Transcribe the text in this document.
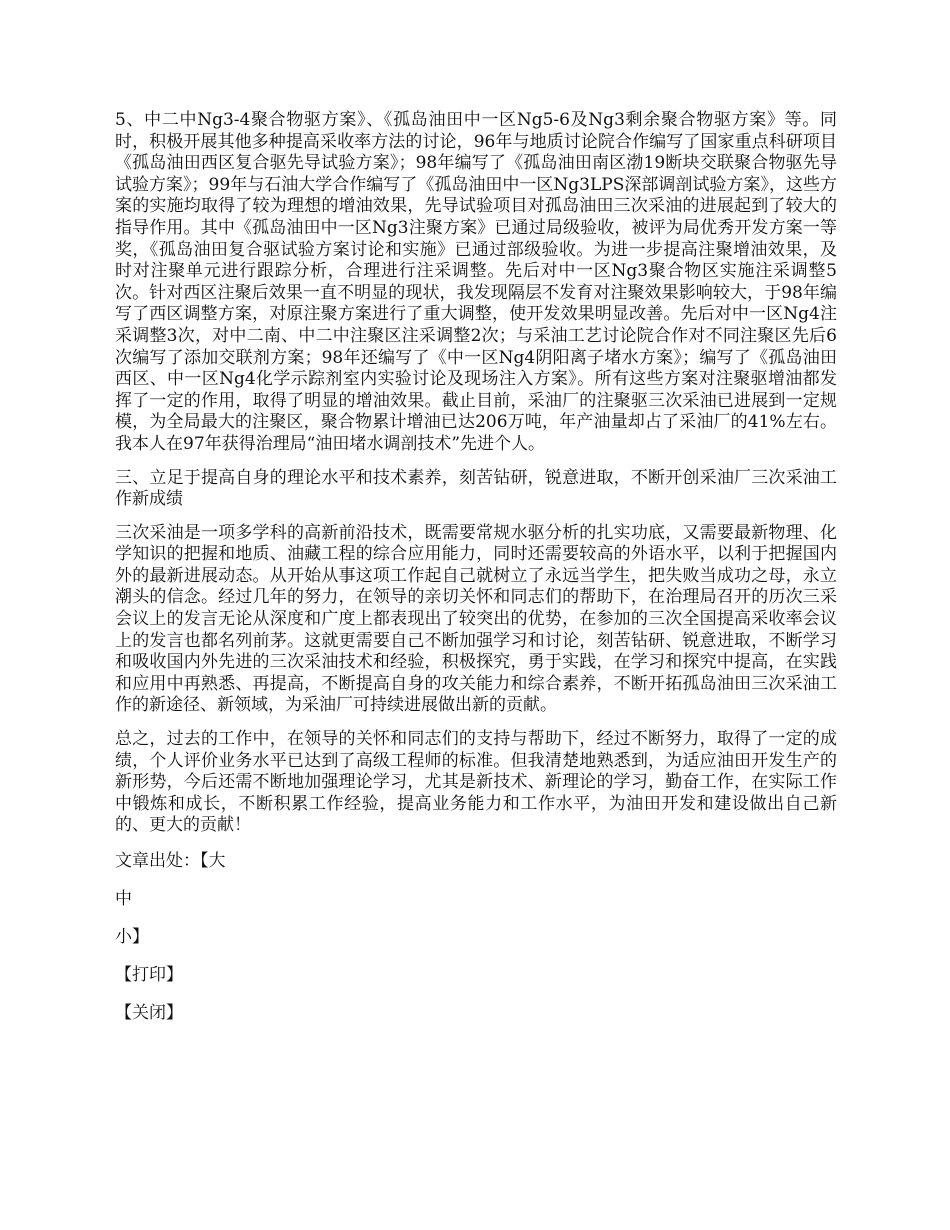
5、中二中Ng3-4聚合物驱方案》、《孤岛油田中一区Ng5-6及Ng3剩余聚合物驱方案》等。同时，积极开展其他多种提高采收率方法的讨论，96年与地质讨论院合作编写了国家重点科研项目《孤岛油田西区复合驱先导试验方案》；98年编写了《孤岛油田南区渤19断块交联聚合物驱先导试验方案》；99年与石油大学合作编写了《孤岛油田中一区Ng3LPS深部调剖试验方案》，这些方案的实施均取得了较为理想的增油效果，先导试验项目对孤岛油田三次采油的进展起到了较大的指导作用。其中《孤岛油田中一区Ng3注聚方案》已通过局级验收，被评为局优秀开发方案一等奖，《孤岛油田复合驱试验方案讨论和实施》已通过部级验收。为进一步提高注聚增油效果，及时对注聚单元进行跟踪分析，合理进行注采调整。先后对中一区Ng3聚合物区实施注采调整5次。针对西区注聚后效果一直不明显的现状，我发现隔层不发育对注聚效果影响较大，于98年编写了西区调整方案，对原注聚方案进行了重大调整，使开发效果明显改善。先后对中一区Ng4注采调整3次，对中二南、中二中注聚区注采调整2次；与采油工艺讨论院合作对不同注聚区先后6次编写了添加交联剂方案；98年还编写了《中一区Ng4阴阳离子堵水方案》；编写了《孤岛油田西区、中一区Ng4化学示踪剂室内实验讨论及现场注入方案》。所有这些方案对注聚驱增油都发挥了一定的作用，取得了明显的增油效果。截止目前，采油厂的注聚驱三次采油已进展到一定规模，为全局最大的注聚区，聚合物累计增油已达206万吨，年产油量却占了采油厂的41%左右。我本人在97年获得治理局“油田堵水调剖技术”先进个人。

三、立足于提高自身的理论水平和技术素养，刻苦钻研，锐意进取，不断开创采油厂三次采油工作新成绩

三次采油是一项多学科的高新前沿技术，既需要常规水驱分析的扎实功底，又需要最新物理、化学知识的把握和地质、油藏工程的综合应用能力，同时还需要较高的外语水平，以利于把握国内外的最新进展动态。从开始从事这项工作起自己就树立了永远当学生，把失败当成功之母，永立潮头的信念。经过几年的努力，在领导的亲切关怀和同志们的帮助下，在治理局召开的历次三采会议上的发言无论从深度和广度上都表现出了较突出的优势，在参加的三次全国提高采收率会议上的发言也都名列前茅。这就更需要自己不断加强学习和讨论，刻苦钻研、锐意进取，不断学习和吸收国内外先进的三次采油技术和经验，积极探究，勇于实践，在学习和探究中提高，在实践和应用中再熟悉、再提高，不断提高自身的攻关能力和综合素养，不断开拓孤岛油田三次采油工作的新途径、新领域，为采油厂可持续进展做出新的贡献。

总之，过去的工作中，在领导的关怀和同志们的支持与帮助下，经过不断努力，取得了一定的成绩，个人评价业务水平已达到了高级工程师的标准。但我清楚地熟悉到，为适应油田开发生产的新形势，今后还需不断地加强理论学习，尤其是新技术、新理论的学习，勤奋工作，在实际工作中锻炼和成长，不断积累工作经验，提高业务能力和工作水平，为油田开发和建设做出自己新的、更大的贡献！

文章出处：【大
中
小】
【打印】
【关闭】
